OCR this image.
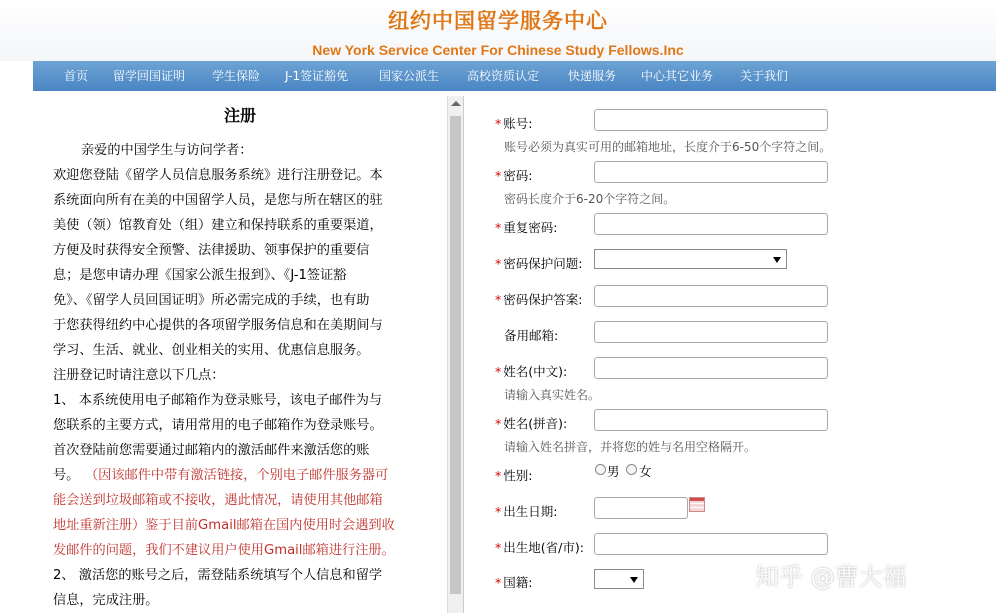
纽约中国留学服务中心
New York Service Center For Chinese Study Fellows.Inc
首页 留学回国证明 学生保险 J-1签证豁免	国家公派生 高校资质认定 快递服务 中心其它业务 关于我们
注册
亲爱的中国学生与访问学者：
欢迎您登陆《留学人员信息服务系统》进行注册登记。本
系统面向所有在美的中国留学人员，是您与所在辖区的驻
美使（领）馆教育处（组）建立和保持联系的重要渠道，
方便及时获得安全预警、法律援助、领事保护的重要信
息；是您申请办理《国家公派生报到》、《J-1签证豁
免》、《留学人员回国证明》所必需完成的手续，也有助
于您获得纽约中心提供的各项留学服务信息和在美期间与
学习、生活、就业、创业相关的实用、优惠信息服务。
注册登记时请注意以下几点：
1、 本系统使用电子邮箱作为登录账号，该电子邮件为与
您联系的主要方式，请用常用的电子邮箱作为登录账号。
首次登陆前您需要通过邮箱内的激活邮件来激活您的账
号。 （因该邮件中带有激活链接，个别电子邮件服务器可
能会送到垃圾邮箱或不接收，遇此情况，请使用其他邮箱
地址重新注册）鉴于目前Gmail邮箱在国内使用时会遇到收
发邮件的问题，我们不建议用户使用Gmail邮箱进行注册。
2、 激活您的账号之后，需登陆系统填写个人信息和留学
信息，完成注册。
* 账号:
账号必须为真实可用的邮箱地址，长度介于6-50个字符之间。
* 密码:
密码长度介于6-20个字符之间。
* 重复密码:
* 密码保护问题:
* 密码保护答案:
备用邮箱:
* 姓名(中文):
请输入真实姓名。
* 姓名(拼音):
请输入姓名拼音，并将您的姓与名用空格隔开。
* 性别:	男 女
* 出生日期:
* 出生地(省/市):
* 国籍:	知乎 @曹大福
